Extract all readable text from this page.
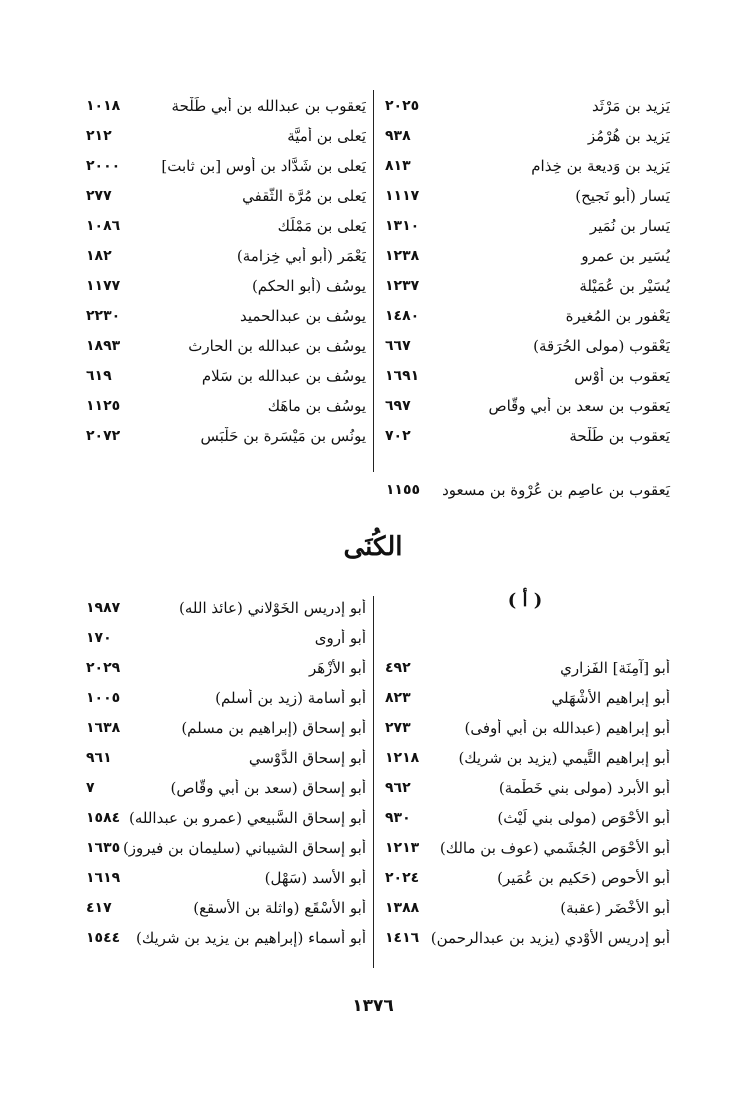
يَزيد بن مَرْثَد
٢٠٢٥
يَزيد بن هُرْمُز
٩٣٨
يَزيد بن وَديعة بن خِذام
٨١٣
يَسار (أبو نَجيح)
١١١٧
يَسار بن نُمَير
١٣١٠
يُسَير بن عمرو
١٢٣٨
يُسَيْر بن عُمَيْلة
١٢٣٧
يَعْفور بن المُغيرة
١٤٨٠
يَعْقوب (مولى الحُرَقة)
٦٦٧
يَعقوب بن أَوْس
١٦٩١
يَعقوب بن سعد بن أبي وقّاص
٦٩٧
يَعقوب بن طَلْحة
٧٠٢
يَعقوب بن عبدالله بن أبي طَلْحة
١٠١٨
يَعلى بن أُميَّة
٢١٢
يَعلى بن شَدَّاد بن أوس [بن ثابت]
٢٠٠٠
يَعلى بن مُرَّة الثَّقفي
٢٧٧
يَعلى بن مَمْلَك
١٠٨٦
يَعْمَر (أبو أبي خِزامة)
١٨٢
يوسُف (أبو الحكم)
١١٧٧
يوسُف بن عبدالحميد
٢٢٣٠
يوسُف بن عبدالله بن الحارِث
١٨٩٣
يوسُف بن عبدالله بن سَلام
٦١٩
يوسُف بن ماهَك
١١٢٥
يونُس بن مَيْسَرة بن حَلْبَس
٢٠٧٢
يَعقوب بن عاصِم بن عُرْوة بن مسعود
١١٥٥
الكُنَى
( أ )
أبو [آمِنَة] الفَزاري
٤٩٢
أبو إبراهيم الأَشْهَلي
٨٢٣
أبو إبراهيم (عبدالله بن أبي أوفى)
٢٧٣
أبو إبراهيم التَّيمي (يزيد بن شريك)
١٢١٨
أبو الأبرد (مولى بني خَطْمة)
٩٦٢
أبو الأحْوَص (مولى بني لَيْث)
٩٣٠
أبو الأحْوَص الجُشَمي (عوف بن مالك)
١٢١٣
أبو الأحوص (حَكيم بن عُمَير)
٢٠٢٤
أبو الأخْضَر (عقبة)
١٣٨٨
أبو إدريس الأَوْدي (يزيد بن عبدالرحمن)
١٤١٦
أبو إدريس الخَوْلاني (عائذ الله)
١٩٨٧
أبو أروى
١٧٠
أبو الأزْهَر
٢٠٢٩
أبو أسامة (زيد بن أسلم)
١٠٠٥
أبو إسحاق (إبراهيم بن مسلم)
١٦٣٨
أبو إسحاق الدَّوْسي
٩٦١
أبو إسحاق (سعد بن أبي وقّاص)
٧
أبو إسحاق السَّبيعي (عمرو بن عبدالله)
١٥٨٤
أبو إسحاق الشيباني (سليمان بن فيروز)
١٦٣٥
أبو الأسد (سَهْل)
١٦١٩
أبو الأسْقَع (واثلة بن الأسقع)
٤١٧
أبو أسماء (إبراهيم بن يزيد بن شريك)
١٥٤٤
١٣٧٦
